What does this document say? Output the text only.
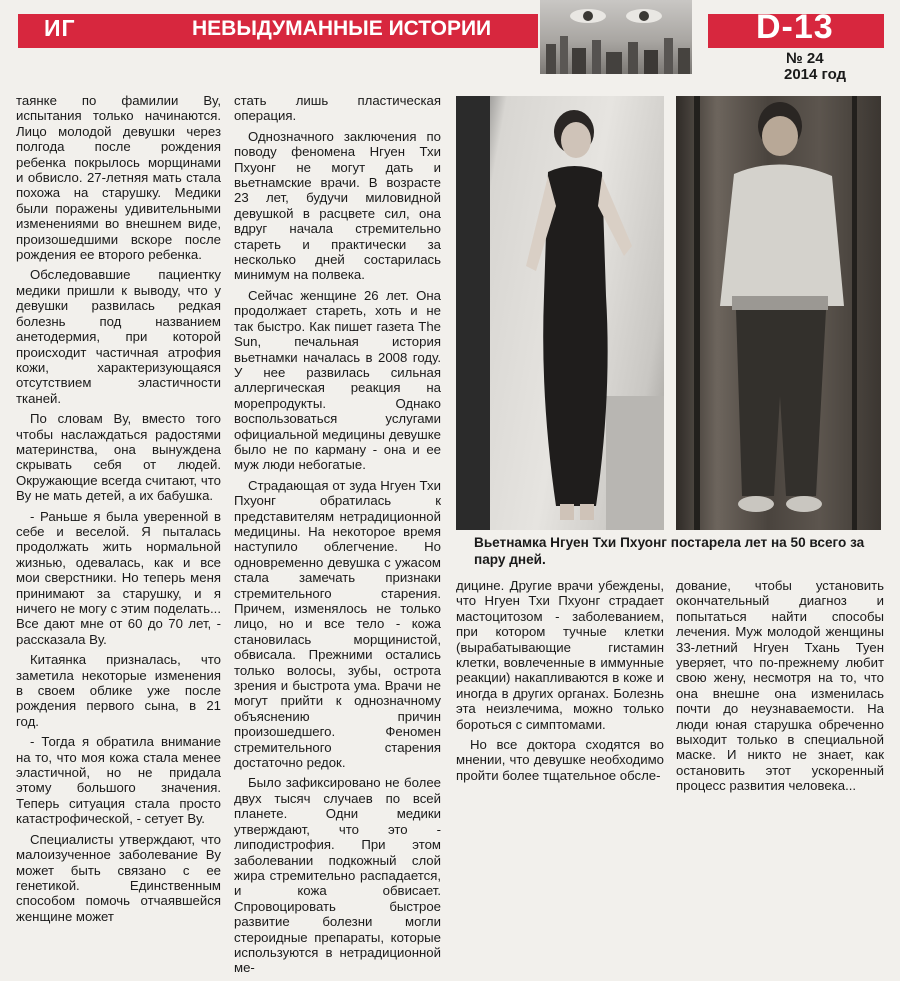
ИГ	НЕВЫДУМАННЫЕ ИСТОРИИ	D-13
№ 24
2014 год

таянке по фамилии Ву, испытания только начинаются. Лицо молодой девушки через полгода после рождения ребенка покрылось морщинами и обвисло. 27-летняя мать стала похожа на старушку. Медики были поражены удивительными изменениями во внешнем виде, произошедшими вскоре после рождения ее второго ребенка.

Обследовавшие пациентку медики пришли к выводу, что у девушки развилась редкая болезнь под названием анетодермия, при которой происходит частичная атрофия кожи, характеризующаяся отсутствием эластичности тканей.

По словам Ву, вместо того чтобы наслаждаться радостями материнства, она вынуждена скрывать себя от людей. Окружающие всегда считают, что Ву не мать детей, а их бабушка.

- Раньше я была уверенной в себе и веселой. Я пыталась продолжать жить нормальной жизнью, одевалась, как и все мои сверстники. Но теперь меня принимают за старушку, и я ничего не могу с этим поделать... Все дают мне от 60 до 70 лет, - рассказала Ву.

Китаянка призналась, что заметила некоторые изменения в своем облике уже после рождения первого сына, в 21 год.

- Тогда я обратила внимание на то, что моя кожа стала менее эластичной, но не придала этому большого значения. Теперь ситуация стала просто катастрофической, - сетует Ву.

Специалисты утверждают, что малоизученное заболевание Ву может быть связано с ее генетикой. Единственным способом помочь отчаявшейся женщине может

стать лишь пластическая операция.

Однозначного заключения по поводу феномена Нгуен Тхи Пхуонг не могут дать и вьетнамские врачи. В возрасте 23 лет, будучи миловидной девушкой в расцвете сил, она вдруг начала стремительно стареть и практически за несколько дней состарилась минимум на полвека.

Сейчас женщине 26 лет. Она продолжает стареть, хоть и не так быстро. Как пишет газета The Sun, печальная история вьетнамки началась в 2008 году. У нее развилась сильная аллергическая реакция на морепродукты. Однако воспользоваться услугами официальной медицины девушке было не по карману - она и ее муж люди небогатые.

Страдающая от зуда Нгуен Тхи Пхуонг обратилась к представителям нетрадиционной медицины. На некоторое время наступило облегчение. Но одновременно девушка с ужасом стала замечать признаки стремительного старения. Причем, изменялось не только лицо, но и все тело - кожа становилась морщинистой, обвисала. Прежними остались только волосы, зубы, острота зрения и быстрота ума. Врачи не могут прийти к однозначному объяснению причин произошедшего. Феномен стремительного старения достаточно редок.

Было зафиксировано не более двух тысяч случаев по всей планете. Одни медики утверждают, что это - липодистрофия. При этом заболевании подкожный слой жира стремительно распадается, и кожа обвисает. Спровоцировать быстрое развитие болезни могли стероидные препараты, которые используются в нетрадиционной ме-

Вьетнамка Нгуен Тхи Пхуонг постарела лет на 50 всего за пару дней.

дицине. Другие врачи убеждены, что Нгуен Тхи Пхуонг страдает мастоцитозом - заболеванием, при котором тучные клетки (вырабатывающие гистамин клетки, вовлеченные в иммунные реакции) накапливаются в коже и иногда в других органах. Болезнь эта неизлечима, можно только бороться с симптомами.

Но все доктора сходятся во мнении, что девушке необходимо пройти более тщательное обсле-

дование, чтобы установить окончательный диагноз и попытаться найти способы лечения. Муж молодой женщины 33-летний Нгуен Тхань Туен уверяет, что по-прежнему любит свою жену, несмотря на то, что она внешне она изменилась почти до неузнаваемости. На люди юная старушка обреченно выходит только в специальной маске. И никто не знает, как остановить этот ускоренный процесс развития человека...
